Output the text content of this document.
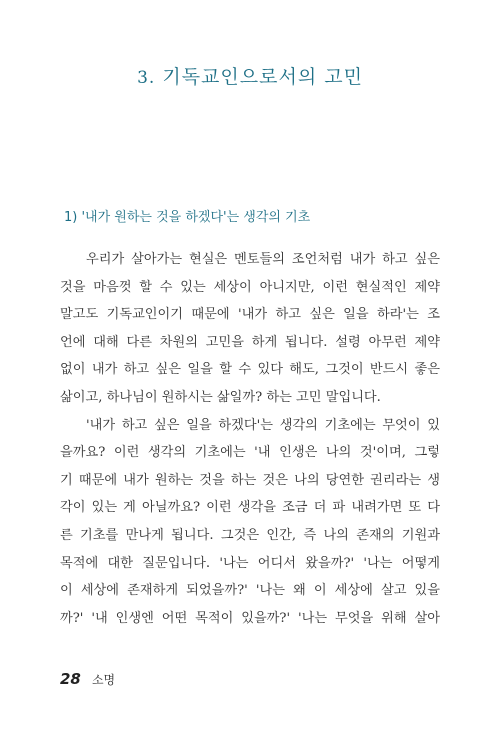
3. 기독교인으로서의 고민
1) '내가 원하는 것을 하겠다'는 생각의 기초
우리가 살아가는 현실은 멘토들의 조언처럼 내가 하고 싶은
것을 마음껏 할 수 있는 세상이 아니지만, 이런 현실적인 제약
말고도 기독교인이기 때문에 '내가 하고 싶은 일을 하라'는 조
언에 대해 다른 차원의 고민을 하게 됩니다. 설령 아무런 제약
없이 내가 하고 싶은 일을 할 수 있다 해도, 그것이 반드시 좋은
삶이고, 하나님이 원하시는 삶일까? 하는 고민 말입니다.
'내가 하고 싶은 일을 하겠다'는 생각의 기초에는 무엇이 있
을까요? 이런 생각의 기초에는 '내 인생은 나의 것'이며, 그렇
기 때문에 내가 원하는 것을 하는 것은 나의 당연한 권리라는 생
각이 있는 게 아닐까요? 이런 생각을 조금 더 파 내려가면 또 다
른 기초를 만나게 됩니다. 그것은 인간, 즉 나의 존재의 기원과
목적에 대한 질문입니다. '나는 어디서 왔을까?' '나는 어떻게
이 세상에 존재하게 되었을까?' '나는 왜 이 세상에 살고 있을
까?' '내 인생엔 어떤 목적이 있을까?' '나는 무엇을 위해 살아
28 소명
